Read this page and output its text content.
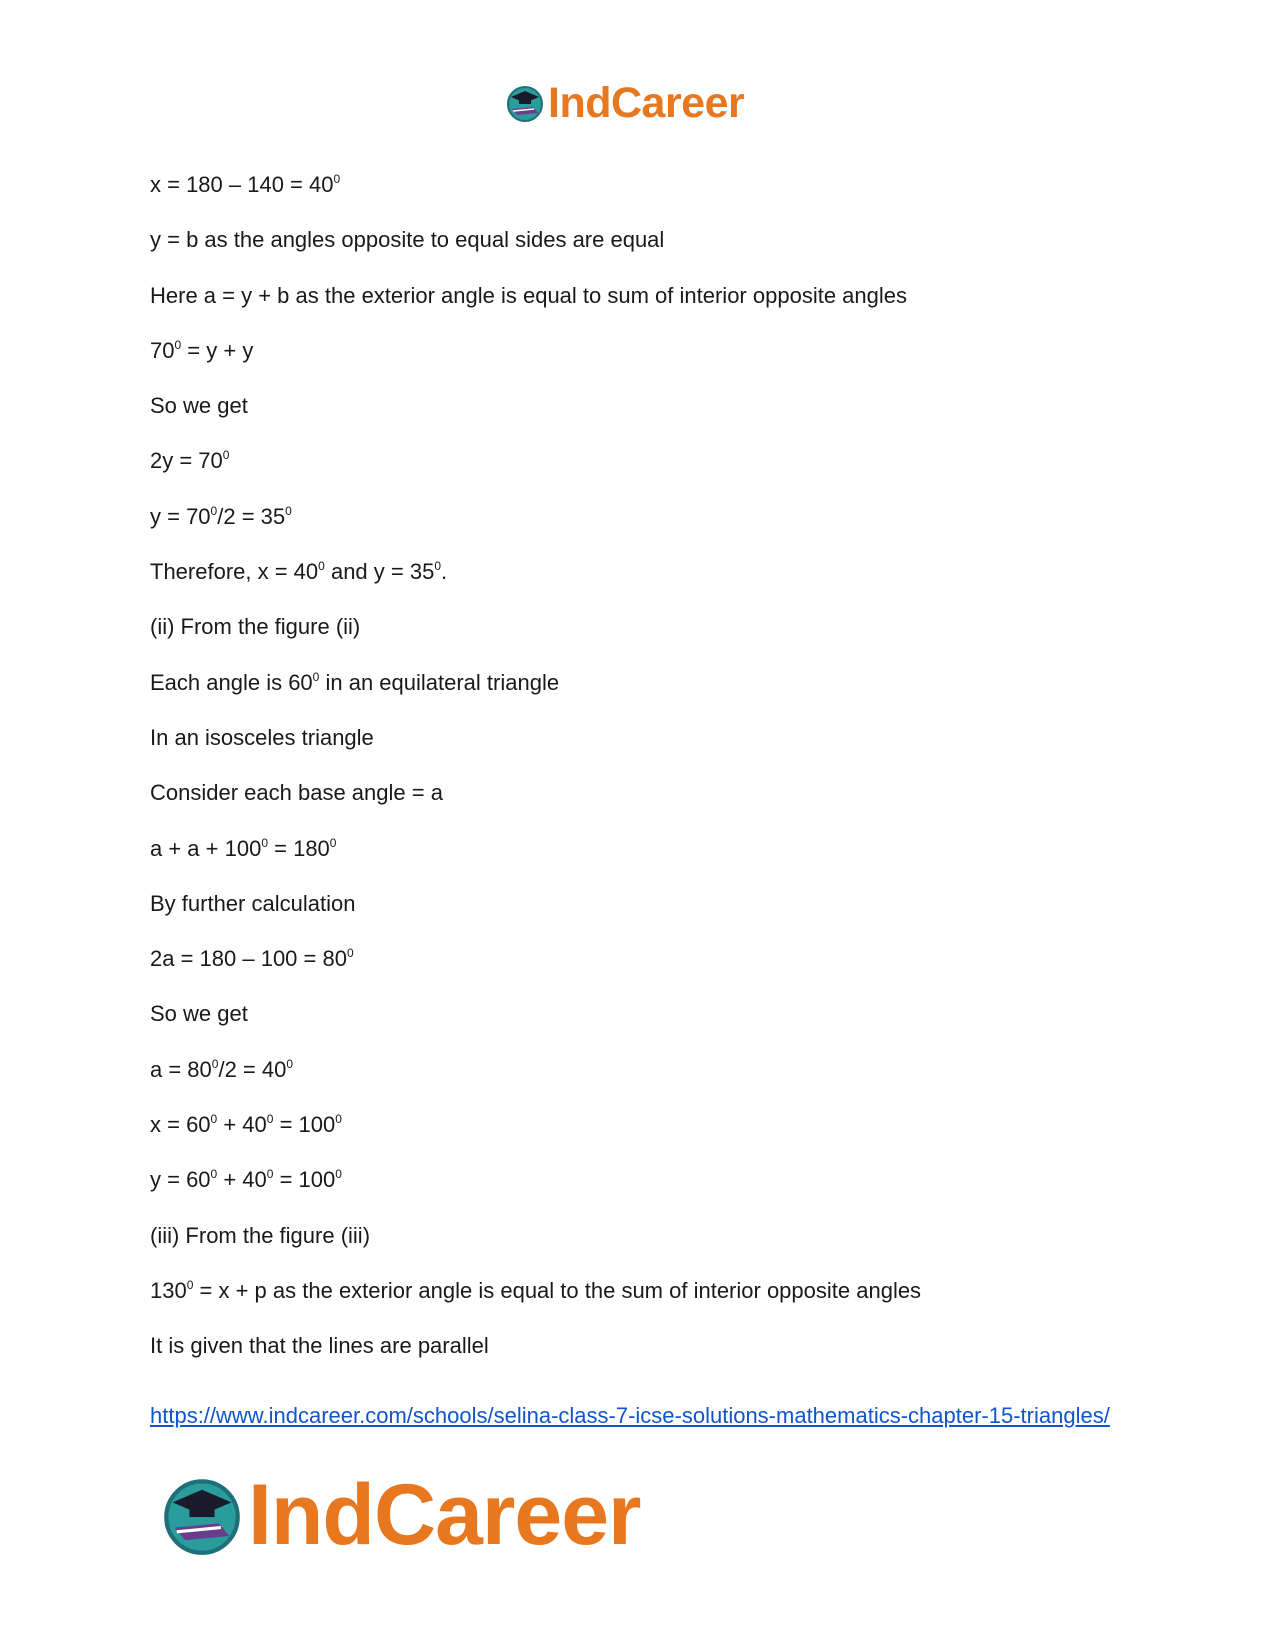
IndCareer
$x = 180 - 140 = 40^0$
y = b as the angles opposite to equal sides are equal
Here a = y + b as the exterior angle is equal to sum of interior opposite angles
$70^0 = y + y$
So we get
$2y = 70^0$
$y = 70^0/2 = 35^0$
Therefore, $x = 40^0$ and $y = 35^0$.
(ii) From the figure (ii)
Each angle is $60^0$ in an equilateral triangle
In an isosceles triangle
Consider each base angle = a
$a + a + 100^0 = 180^0$
By further calculation
$2a = 180 - 100 = 80^0$
So we get
$a = 80^0/2 = 40^0$
$x = 60^0 + 40^0 = 100^0$
$y = 60^0 + 40^0 = 100^0$
(iii) From the figure (iii)
$130^0 = x + p$ as the exterior angle is equal to the sum of interior opposite angles
It is given that the lines are parallel
https://www.indcareer.com/schools/selina-class-7-icse-solutions-mathematics-chapter-15-triangles/
IndCareer
